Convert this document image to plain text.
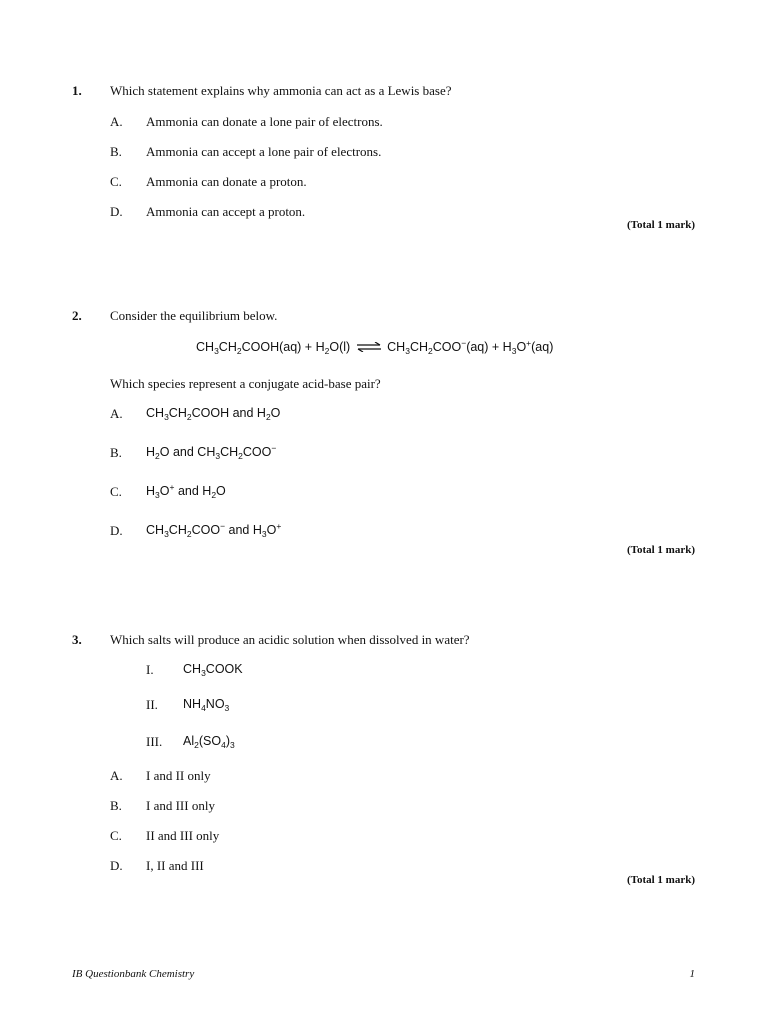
1. Which statement explains why ammonia can act as a Lewis base?
A. Ammonia can donate a lone pair of electrons.
B. Ammonia can accept a lone pair of electrons.
C. Ammonia can donate a proton.
D. Ammonia can accept a proton.
(Total 1 mark)
2. Consider the equilibrium below.
$CH_3CH_2COOH(aq) + H_2O(l)$ ⇌ $CH_3CH_2COO^-(aq) + H_3O^+(aq)$
Which species represent a conjugate acid-base pair?
A. $CH_3CH_2COOH$ and $H_2O$
B. $H_2O$ and $CH_3CH_2COO^-$
C. $H_3O^+$ and $H_2O$
D. $CH_3CH_2COO^-$ and $H_3O^+$
(Total 1 mark)
3. Which salts will produce an acidic solution when dissolved in water?
I. $CH_3COOK$
II. $NH_4NO_3$
III. $Al_2(SO_4)_3$
A. I and II only
B. I and III only
C. II and III only
D. I, II and III
(Total 1 mark)
IB Questionbank Chemistry	1
